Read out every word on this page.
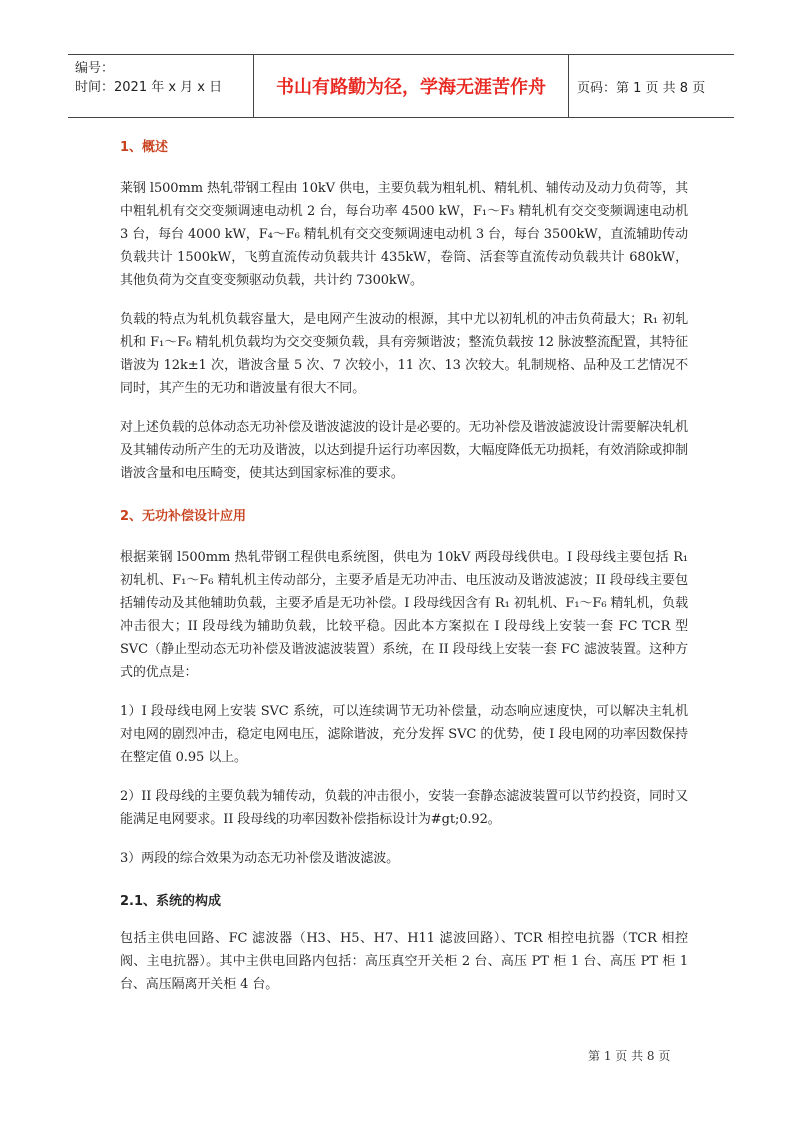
编号：
时间：2021 年 x 月 x 日	书山有路勤为径，学海无涯苦作舟	页码：第 1 页 共 8 页
1、概述

莱钢 l500mm 热轧带钢工程由 10kV 供电，主要负载为粗轧机、精轧机、辅传动及动力负荷等，其中粗轧机有交交变频调速电动机 2 台，每台功率 4500 kW，F₁～F₃ 精轧机有交交变频调速电动机 3 台，每台 4000 kW，F₄～F₆ 精轧机有交交变频调速电动机 3 台，每台 3500kW，直流辅助传动负载共计 1500kW，飞剪直流传动负载共计 435kW，卷筒、活套等直流传动负载共计 680kW，其他负荷为交直变变频驱动负载，共计约 7300kW。

负载的特点为轧机负载容量大，是电网产生波动的根源，其中尤以初轧机的冲击负荷最大；R₁ 初轧机和 F₁～F₆ 精轧机负载均为交交变频负载，具有旁频谐波；整流负载按 12 脉波整流配置，其特征谐波为 12k±1 次，谐波含量 5 次、7 次较小，11 次、13 次较大。轧制规格、品种及工艺情况不同时，其产生的无功和谐波量有很大不同。

对上述负载的总体动态无功补偿及谐波滤波的设计是必要的。无功补偿及谐波滤波设计需要解决轧机及其辅传动所产生的无功及谐波，以达到提升运行功率因数，大幅度降低无功损耗，有效消除或抑制谐波含量和电压畸变，使其达到国家标准的要求。

2、无功补偿设计应用

根据莱钢 l500mm 热轧带钢工程供电系统图，供电为 10kV 两段母线供电。I 段母线主要包括 R₁ 初轧机、F₁～F₆ 精轧机主传动部分，主要矛盾是无功冲击、电压波动及谐波滤波；II 段母线主要包括辅传动及其他辅助负载，主要矛盾是无功补偿。I 段母线因含有 R₁ 初轧机、F₁～F₆ 精轧机，负载冲击很大；II 段母线为辅助负载，比较平稳。因此本方案拟在 I 段母线上安装一套 FC TCR 型 SVC（静止型动态无功补偿及谐波滤波装置）系统，在 II 段母线上安装一套 FC 滤波装置。这种方式的优点是：

1）I 段母线电网上安装 SVC 系统，可以连续调节无功补偿量，动态响应速度快，可以解决主轧机对电网的剧烈冲击，稳定电网电压，滤除谐波，充分发挥 SVC 的优势，使 I 段电网的功率因数保持在整定值 0.95 以上。

2）II 段母线的主要负载为辅传动，负载的冲击很小，安装一套静态滤波装置可以节约投资，同时又能满足电网要求。II 段母线的功率因数补偿指标设计为#gt;0.92。

3）两段的综合效果为动态无功补偿及谐波滤波。

2.1、系统的构成

包括主供电回路、FC 滤波器（H3、H5、H7、H11 滤波回路）、TCR 相控电抗器（TCR 相控阀、主电抗器）。其中主供电回路内包括：高压真空开关柜 2 台、高压 PT 柜 1 台、高压 PT 柜 1 台、高压隔离开关柜 4 台。

第 1 页 共 8 页
